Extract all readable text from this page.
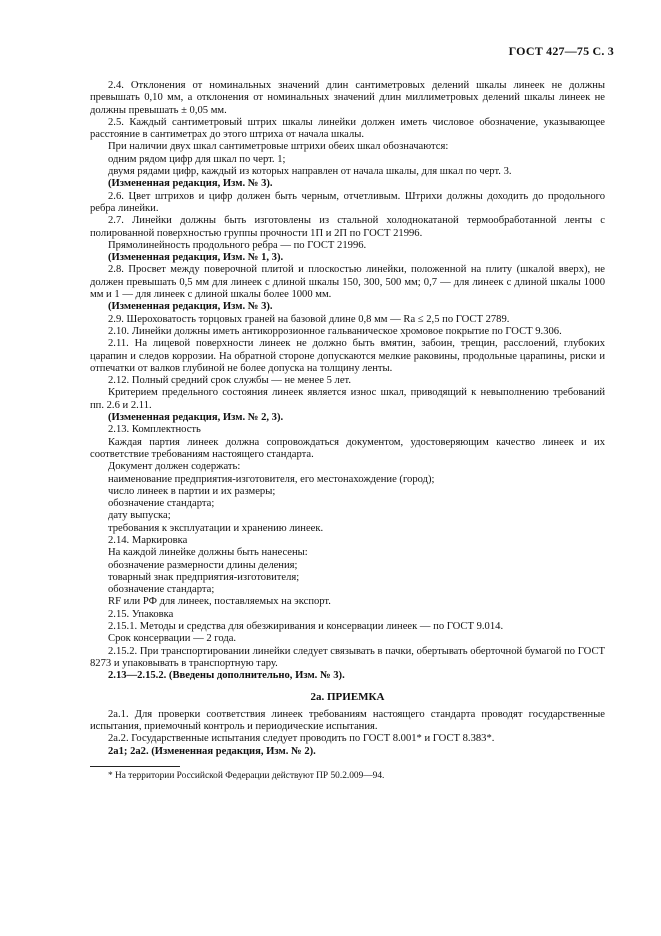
ГОСТ 427—75 С. 3

2.4. Отклонения от номинальных значений длин сантиметровых делений шкалы линеек не должны превышать 0,10 мм, а отклонения от номинальных значений длин миллиметровых делений шкалы линеек не должны превышать ± 0,05 мм.

2.5. Каждый сантиметровый штрих шкалы линейки должен иметь числовое обозначение, указывающее расстояние в сантиметрах до этого штриха от начала шкалы.

При наличии двух шкал сантиметровые штрихи обеих шкал обозначаются:

одним рядом цифр для шкал по черт. 1;

двумя рядами цифр, каждый из которых направлен от начала шкалы, для шкал по черт. 3.

(Измененная редакция, Изм. № 3).

2.6. Цвет штрихов и цифр должен быть черным, отчетливым. Штрихи должны доходить до продольного ребра линейки.

2.7. Линейки должны быть изготовлены из стальной холоднокатаной термообработанной ленты с полированной поверхностью группы прочности 1П и 2П по ГОСТ 21996.

Прямолинейность продольного ребра — по ГОСТ 21996.

(Измененная редакция, Изм. № 1, 3).

2.8. Просвет между поверочной плитой и плоскостью линейки, положенной на плиту (шкалой вверх), не должен превышать 0,5 мм для линеек с длиной шкалы 150, 300, 500 мм; 0,7 — для линеек с длиной шкалы 1000 мм и 1 — для линеек с длиной шкалы более 1000 мм.

(Измененная редакция, Изм. № 3).

2.9. Шероховатость торцовых граней на базовой длине 0,8 мм — Ra ≤ 2,5 по ГОСТ 2789.

2.10. Линейки должны иметь антикоррозионное гальваническое хромовое покрытие по ГОСТ 9.306.

2.11. На лицевой поверхности линеек не должно быть вмятин, забоин, трещин, расслоений, глубоких царапин и следов коррозии. На обратной стороне допускаются мелкие раковины, продольные царапины, риски и отпечатки от валков глубиной не более допуска на толщину ленты.

2.12. Полный средний срок службы — не менее 5 лет.

Критерием предельного состояния линеек является износ шкал, приводящий к невыполнению требований пп. 2.6 и 2.11.

(Измененная редакция, Изм. № 2, 3).

2.13. Комплектность

Каждая партия линеек должна сопровождаться документом, удостоверяющим качество линеек и их соответствие требованиям настоящего стандарта.

Документ должен содержать:

наименование предприятия-изготовителя, его местонахождение (город);

число линеек в партии и их размеры;

обозначение стандарта;

дату выпуска;

требования к эксплуатации и хранению линеек.

2.14. Маркировка

На каждой линейке должны быть нанесены:

обозначение размерности длины деления;

товарный знак предприятия-изготовителя;

обозначение стандарта;

RF или РФ для линеек, поставляемых на экспорт.

2.15. Упаковка

2.15.1. Методы и средства для обезжиривания и консервации линеек — по ГОСТ 9.014.

Срок консервации — 2 года.

2.15.2. При транспортировании линейки следует связывать в пачки, обертывать оберточной бумагой по ГОСТ 8273 и упаковывать в транспортную тару.

2.13—2.15.2. (Введены дополнительно, Изм. № 3).

2а. ПРИЕМКА

2а.1. Для проверки соответствия линеек требованиям настоящего стандарта проводят государственные испытания, приемочный контроль и периодические испытания.

2а.2. Государственные испытания следует проводить по ГОСТ 8.001* и ГОСТ 8.383*.

2а1; 2а2. (Измененная редакция, Изм. № 2).

* На территории Российской Федерации действуют ПР 50.2.009—94.
